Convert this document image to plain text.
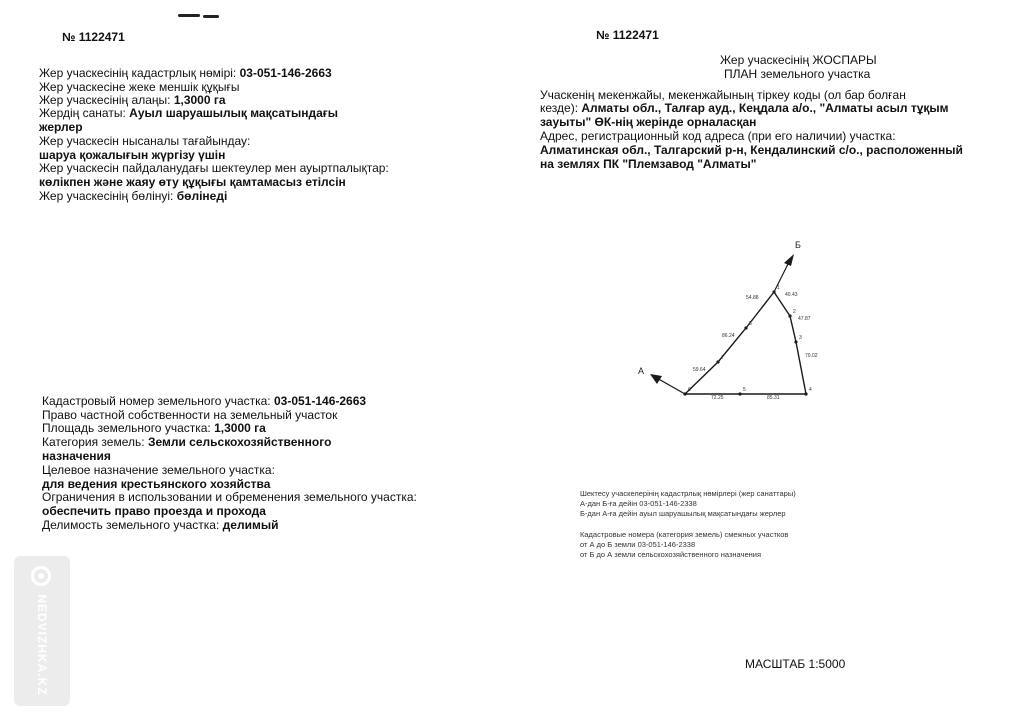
№ 1122471
Жер учаскесінің кадастрлық нөмірі: 03-051-146-2663
Жер учаскесіне жеке меншік құқығы
Жер учаскесінің алаңы: 1,3000 га
Жердің санаты: Ауыл шаруашылық мақсатындағы
жерлер
Жер учаскесін нысаналы тағайындау:
шаруа қожалығын жүргізу үшін
Жер учаскесін пайдаланудағы шектеулер мен ауыртпалықтар:
көлікпен және жаяу өту құқығы қамтамасыз етілсін
Жер учаскесінің бөлінуі: бөлінеді
Кадастровый номер земельного участка: 03-051-146-2663
Право частной собственности на земельный участок
Площадь земельного участка: 1,3000 га
Категория земель: Земли сельскохозяйственного
назначения
Целевое назначение земельного участка:
для ведения крестьянского хозяйства
Ограничения в использовании и обременения земельного участка:
обеспечить право проезда и прохода
Делимость земельного участка: делимый
NEDVIZHKA.KZ
№ 1122471
Жер учаскесінің ЖОСПАРЫ
ПЛАН земельного участка
Учаскенің мекенжайы, мекенжайының тіркеу коды (ол бар болған
кезде): Алматы обл., Талғар ауд., Кеңдала а/о., "Алматы асыл тұқым
зауыты" ӨК-нің жерінде орналасқан
Адрес, регистрационный код адреса (при его наличии) участка:
Алматинская обл., Талгарский р-н, Кендалинский с/о., расположенный
на землях ПК "Племзавод "Алматы"
Б
А
1
2
3
4
5
6
7
8
40.43
47.87
70.02
85.31
72.25
59.64
86.24
54.88
Шектесу учаскелерінің кадастрлық нөмірлері (жер санаттары)
А-дан Б-ға дейін 03-051-146-2338
Б-дан А-ға дейін ауыл шаруашылық мақсатындағы жерлер
Кадастровые номера (категория земель) смежных участков
от А до Б земли 03-051-146-2338
от Б до А земли сельскохозяйственного назначения
МАСШТАБ 1:5000
